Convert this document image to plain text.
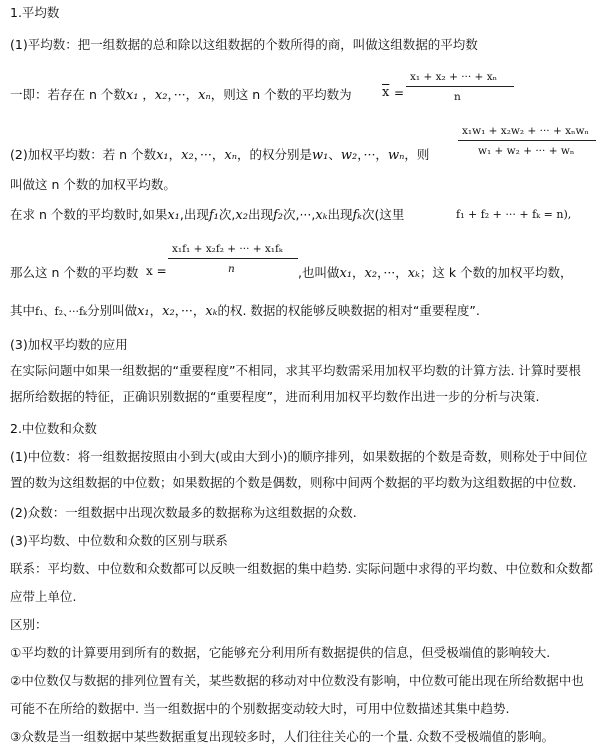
1.平均数
(1)平均数：把一组数据的总和除以这组数据的个数所得的商，叫做这组数据的平均数
一即：若存在 n 个数x₁ ，x₂，···，xₙ，则这 n 个数的平均数为 $\overline{x}$ =
x₁ + x₂ + ··· + xₙ
n
(2)加权平均数：若 n 个数x₁，x₂，···，xₙ，的权分别是w₁、w₂，···，wₙ，则
x₁w₁ + x₂w₂ + ··· + xₙwₙ
w₁ + w₂ + ··· + wₙ
叫做这 n 个数的加权平均数。
在求 n 个数的平均数时,如果x₁,出现f₁次,x₂出现f₂次,···,xₖ出现fₖ次(这里	f₁ + f₂ + ··· + fₖ = n),
那么这 n 个数的平均数 x =
x₁f₁ + x₂f₂ + ··· + x₁fₖ
n	,也叫做x₁，x₂，···，xₖ；这 k 个数的加权平均数，
其中f₁、f₂、···fₖ分别叫做x₁，x₂，···，xₖ的权. 数据的权能够反映数据的相对“重要程度”.
(3)加权平均数的应用
在实际问题中如果一组数据的“重要程度”不相同，求其平均数需采用加权平均数的计算方法. 计算时要根
据所给数据的特征，正确识别数据的“重要程度”，进而利用加权平均数作出进一步的分析与决策.
2.中位数和众数
(1)中位数：将一组数据按照由小到大(或由大到小)的顺序排列，如果数据的个数是奇数，则称处于中间位
置的数为这组数据的中位数；如果数据的个数是偶数，则称中间两个数据的平均数为这组数据的中位数.
(2)众数：一组数据中出现次数最多的数据称为这组数据的众数.
(3)平均数、中位数和众数的区别与联系
联系：平均数、中位数和众数都可以反映一组数据的集中趋势. 实际问题中求得的平均数、中位数和众数都
应带上单位.
区别：
①平均数的计算要用到所有的数据，它能够充分利用所有数据提供的信息，但受极端值的影响较大.
②中位数仅与数据的排列位置有关，某些数据的移动对中位数没有影响，中位数可能出现在所给数据中也
可能不在所给的数据中. 当一组数据中的个别数据变动较大时，可用中位数描述其集中趋势.
③众数是当一组数据中某些数据重复出现较多时，人们往往关心的一个量. 众数不受极端值的影响。
